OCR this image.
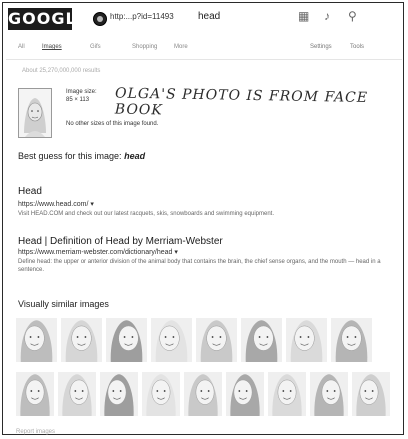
GOOGLE	http:...p?id=11493 head	▦ ♪ ⚲
All	Images	Gifs	Shopping	More	Settings	Tools
About 25,270,000,000 results
Image size:
85 × 113
No other sizes of this image found.
OLGA'S PHOTO IS FROM FACE BOOK
Best guess for this image: head
Head
https://www.head.com/ ▾
Visit HEAD.COM and check out our latest racquets, skis, snowboards and swimming equipment.
Head | Definition of Head by Merriam-Webster
https://www.merriam-webster.com/dictionary/head ▾
Define head: the upper or anterior division of the animal body that contains the brain, the chief sense organs, and the mouth — head in a sentence.
Visually similar images
Report images
